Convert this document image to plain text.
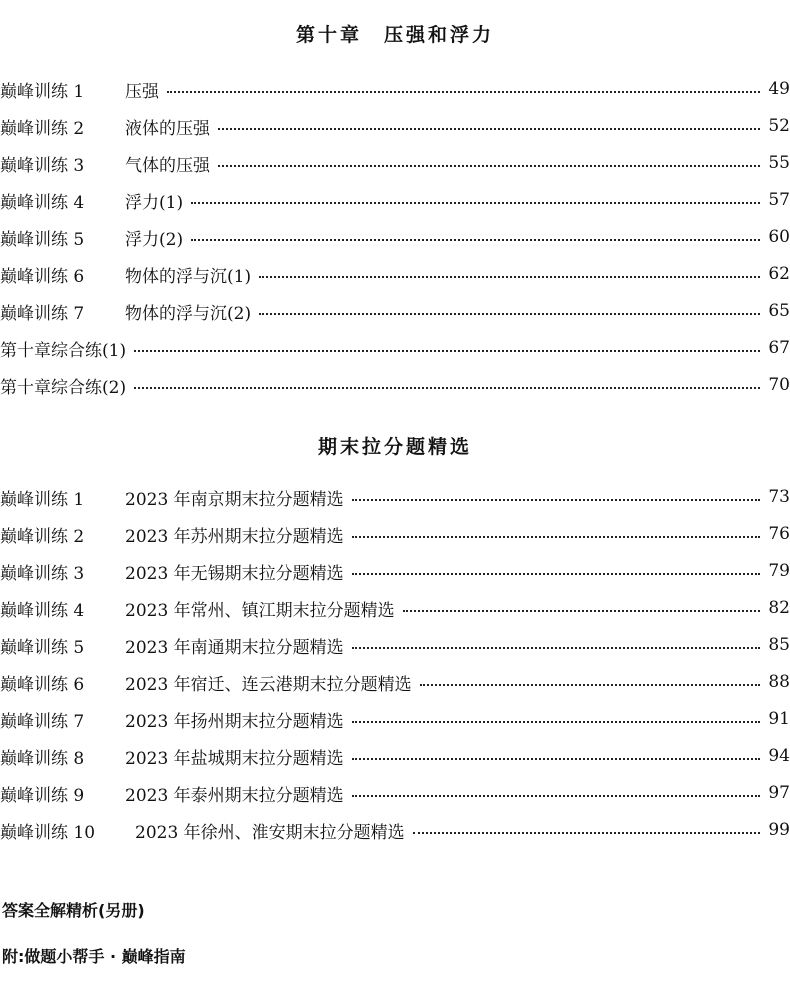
第十章　压强和浮力
巅峰训练 1 压强	49
巅峰训练 2 液体的压强	52
巅峰训练 3 气体的压强	55
巅峰训练 4 浮力(1)	57
巅峰训练 5 浮力(2)	60
巅峰训练 6 物体的浮与沉(1)	62
巅峰训练 7 物体的浮与沉(2)	65
第十章综合练(1)	67
第十章综合练(2)	70
期末拉分题精选
巅峰训练 1 2023 年南京期末拉分题精选	73
巅峰训练 2 2023 年苏州期末拉分题精选	76
巅峰训练 3 2023 年无锡期末拉分题精选	79
巅峰训练 4 2023 年常州、镇江期末拉分题精选	82
巅峰训练 5 2023 年南通期末拉分题精选	85
巅峰训练 6 2023 年宿迁、连云港期末拉分题精选	88
巅峰训练 7 2023 年扬州期末拉分题精选	91
巅峰训练 8 2023 年盐城期末拉分题精选	94
巅峰训练 9 2023 年泰州期末拉分题精选	97
巅峰训练 10 2023 年徐州、淮安期末拉分题精选	99
答案全解精析(另册)
附:做题小帮手 · 巅峰指南
